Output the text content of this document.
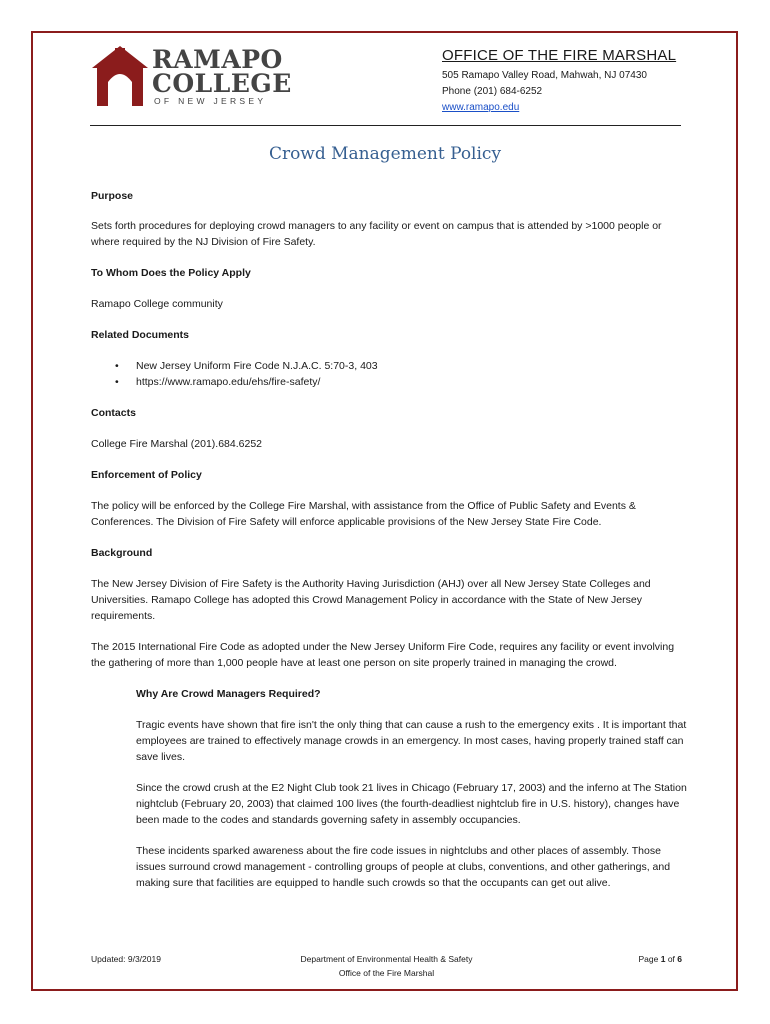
RAMAPO
COLLEGE
OF NEW JERSEY
OFFICE OF THE FIRE MARSHAL
505 Ramapo Valley Road, Mahwah, NJ 07430
Phone (201) 684-6252
www.ramapo.edu
Crowd Management Policy

Purpose

Sets forth procedures for deploying crowd managers to any facility or event on campus that is attended by >1000 people or where required by the NJ Division of Fire Safety.

To Whom Does the Policy Apply

Ramapo College community

Related Documents

• New Jersey Uniform Fire Code N.J.A.C. 5:70-3, 403
• https://www.ramapo.edu/ehs/fire-safety/

Contacts

College Fire Marshal (201).684.6252

Enforcement of Policy

The policy will be enforced by the College Fire Marshal, with assistance from the Office of Public Safety and Events & Conferences. The Division of Fire Safety will enforce applicable provisions of the New Jersey State Fire Code.

Background

The New Jersey Division of Fire Safety is the Authority Having Jurisdiction (AHJ) over all New Jersey State Colleges and Universities. Ramapo College has adopted this Crowd Management Policy in accordance with the State of New Jersey requirements.

The 2015 International Fire Code as adopted under the New Jersey Uniform Fire Code, requires any facility or event involving the gathering of more than 1,000 people have at least one person on site properly trained in managing the crowd.

Why Are Crowd Managers Required?

Tragic events have shown that fire isn't the only thing that can cause a rush to the emergency exits . It is important that employees are trained to effectively manage crowds in an emergency. In most cases, having properly trained staff can save lives.

Since the crowd crush at the E2 Night Club took 21 lives in Chicago (February 17, 2003) and the inferno at The Station nightclub (February 20, 2003) that claimed 100 lives (the fourth-deadliest nightclub fire in U.S. history), changes have been made to the codes and standards governing safety in assembly occupancies.

These incidents sparked awareness about the fire code issues in nightclubs and other places of assembly. Those issues surround crowd management - controlling groups of people at clubs, conventions, and other gatherings, and making sure that facilities are equipped to handle such crowds so that the occupants can get out alive.

Updated: 9/3/2019	Department of Environmental Health & Safety
Office of the Fire Marshal
Page 1 of 6
